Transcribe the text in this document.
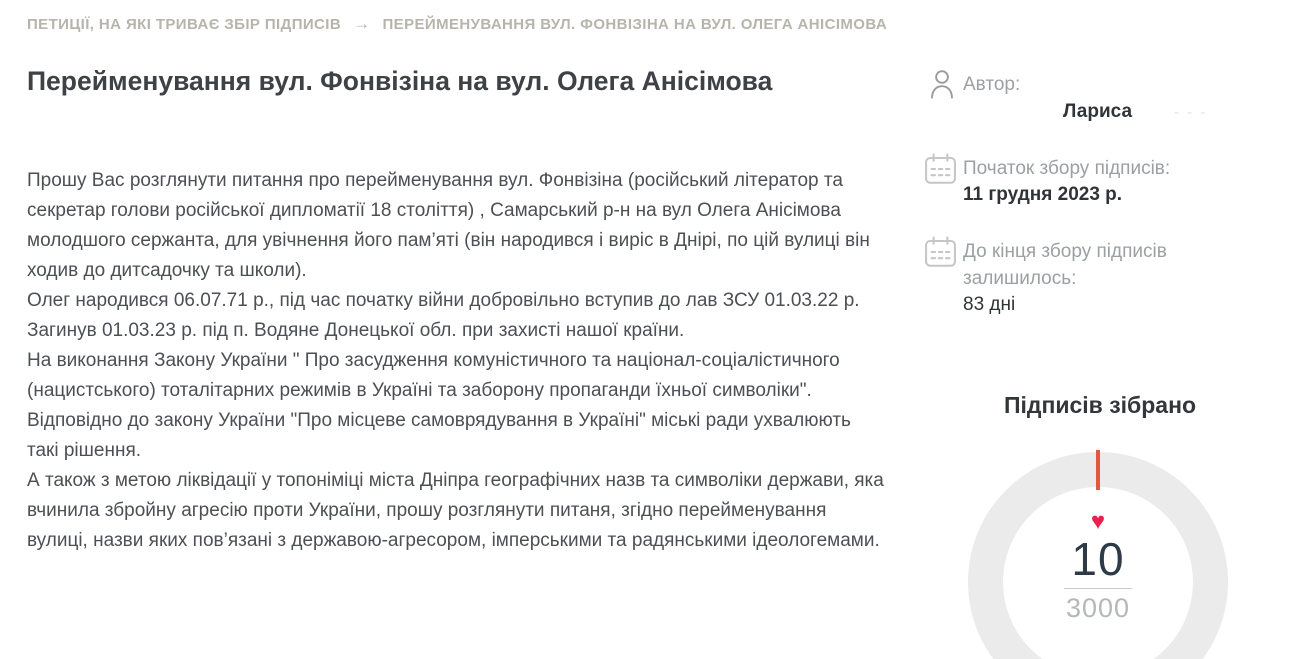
ПЕТИЦІЇ, НА ЯКІ ТРИВАЄ ЗБІР ПІДПИСІВ → ПЕРЕЙМЕНУВАННЯ ВУЛ. ФОНВІЗІНА НА ВУЛ. ОЛЕГА АНІСІМОВА
Перейменування вул. Фонвізіна на вул. Олега Анісімова

Прошу Вас розглянути питання про перейменування вул. Фонвізіна (російський літератор та секретар голови російської дипломатії 18 століття) , Самарський р-н на вул Олега Анісімова молодшого сержанта, для увічнення його пам’яті (він народився і виріс в Днірі, по цій вулиці він ходив до дитсадочку та школи).

Олег народився 06.07.71 р., під час початку війни добровільно вступив до лав ЗСУ 01.03.22 р.

Загинув 01.03.23 р. під п. Водяне Донецької обл. при захисті нашої країни.

На виконання Закону України " Про засудження комуністичного та націонал-соціалістичного (нацистського) тоталітарних режимів в Україні та заборону пропаганди їхньої символіки". Відповідно до закону України "Про місцеве самоврядування в Україні" міські ради ухвалюють такі рішення.

А також з метою ліквідації у топоніміці міста Дніпра географічних назв та символіки держави, яка вчинила збройну агресію проти України, прошу розглянути питаня, згідно перейменування вулиці, назви яких пов’язані з державою-агресором, імперськими та радянськими ідеологемами.

Автор:
Лариса	- - -
Початок збору підписів:
11 грудня 2023 р.
До кінця збору підписів залишилось:
83 дні
Підписів зібрано
♥
10
3000
